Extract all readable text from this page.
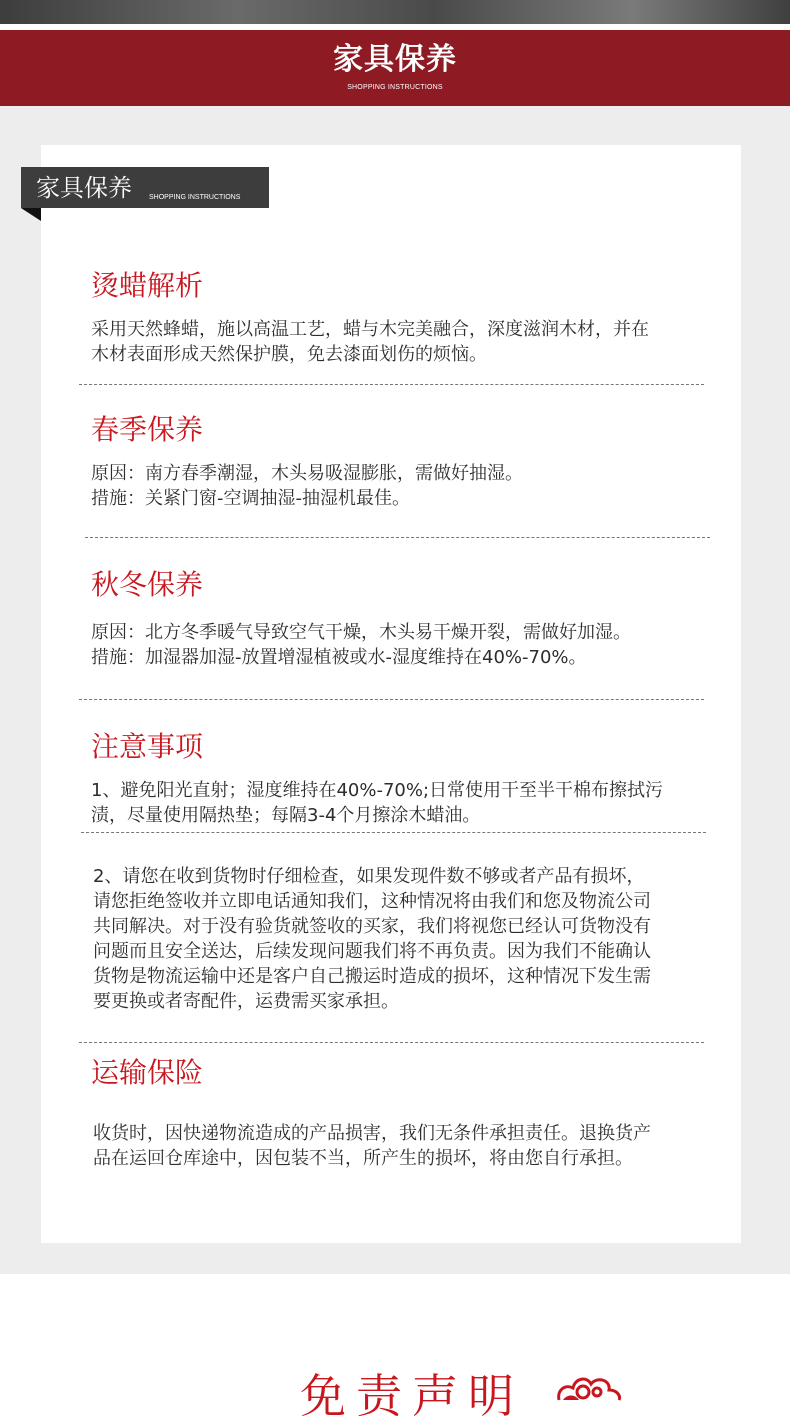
家具保养
SHOPPING INSTRUCTIONS
家具保养 SHOPPING INSTRUCTIONS
烫蜡解析

采用天然蜂蜡，施以高温工艺，蜡与木完美融合，深度滋润木材，并在

木材表面形成天然保护膜，免去漆面划伤的烦恼。

春季保养

原因：南方春季潮湿，木头易吸湿膨胀，需做好抽湿。

措施：关紧门窗-空调抽湿-抽湿机最佳。

秋冬保养

原因：北方冬季暖气导致空气干燥，木头易干燥开裂，需做好加湿。

措施：加湿器加湿-放置增湿植被或水-湿度维持在40%-70%。

注意事项

1、避免阳光直射；湿度维持在40%-70%;日常使用干至半干棉布擦拭污

渍，尽量使用隔热垫；每隔3-4个月擦涂木蜡油。

2、请您在收到货物时仔细检查，如果发现件数不够或者产品有损坏，

请您拒绝签收并立即电话通知我们，这种情况将由我们和您及物流公司

共同解决。对于没有验货就签收的买家，我们将视您已经认可货物没有

问题而且安全送达，后续发现问题我们将不再负责。因为我们不能确认

货物是物流运输中还是客户自己搬运时造成的损坏，这种情况下发生需

要更换或者寄配件，运费需买家承担。

运输保险

收货时，因快递物流造成的产品损害，我们无条件承担责任。退换货产

品在运回仓库途中，因包装不当，所产生的损坏，将由您自行承担。

免责声明
